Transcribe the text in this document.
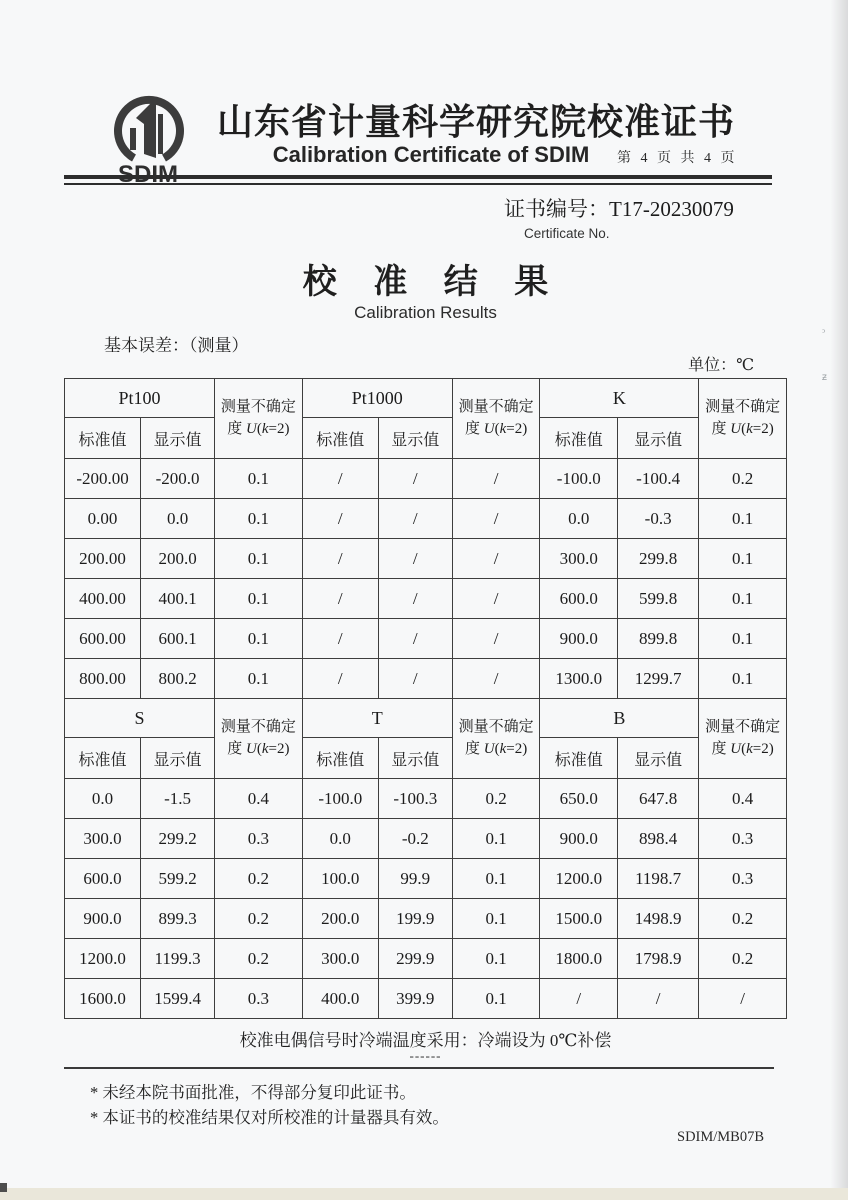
ᵓ
ᵶ
SDIM
山东省计量科学研究院校准证书
Calibration Certificate of SDIM	第 4 页 共 4 页
证书编号：T17-20230079
Certificate No.
校 准 结 果
Calibration Results
基本误差：（测量）
单位：℃
Pt100	测量不确定
度 U(k=2)
	Pt1000	测量不确定
度 U(k=2)
	K	测量不确定
度 U(k=2)

标准值	显示值		标准值	显示值		标准值	显示值	
-200.00	-200.0	0.1	/	/	/	-100.0	-100.4	0.2
0.00	0.0	0.1	/	/	/	0.0	-0.3	0.1
200.00	200.0	0.1	/	/	/	300.0	299.8	0.1
400.00	400.1	0.1	/	/	/	600.0	599.8	0.1
600.00	600.1	0.1	/	/	/	900.0	899.8	0.1
800.00	800.2	0.1	/	/	/	1300.0	1299.7	0.1
S	测量不确定
度 U(k=2)
	T	测量不确定
度 U(k=2)
	B	测量不确定
度 U(k=2)

标准值	显示值		标准值	显示值		标准值	显示值	
0.0	-1.5	0.4	-100.0	-100.3	0.2	650.0	647.8	0.4
300.0	299.2	0.3	0.0	-0.2	0.1	900.0	898.4	0.3
600.0	599.2	0.2	100.0	99.9	0.1	1200.0	1198.7	0.3
900.0	899.3	0.2	200.0	199.9	0.1	1500.0	1498.9	0.2
1200.0	1199.3	0.2	300.0	299.9	0.1	1800.0	1798.9	0.2
1600.0	1599.4	0.3	400.0	399.9	0.1	/	/	/
校准电偶信号时冷端温度采用：冷端设为 0℃补偿
------
* 未经本院书面批准，不得部分复印此证书。
* 本证书的校准结果仅对所校准的计量器具有效。
SDIM/MB07B
